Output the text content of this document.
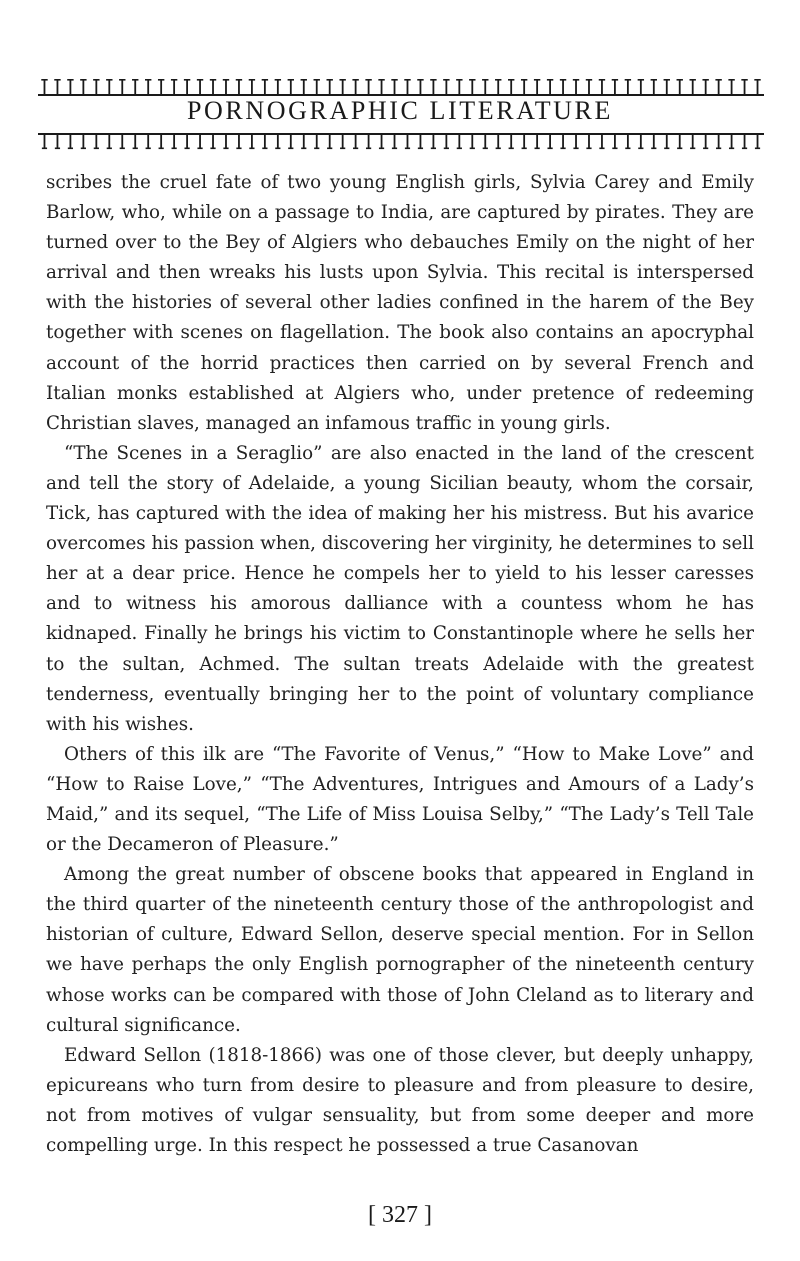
PORNOGRAPHIC LITERATURE

scribes the cruel fate of two young English girls, Sylvia Carey and Emily Barlow, who, while on a passage to India, are captured by pirates. They are turned over to the Bey of Algiers who debauches Emily on the night of her arrival and then wreaks his lusts upon Sylvia. This recital is interspersed with the histories of several other ladies confined in the harem of the Bey together with scenes on flagellation. The book also contains an apocryphal account of the horrid practices then carried on by several French and Italian monks established at Algiers who, under pretence of redeeming Christian slaves, managed an infamous traffic in young girls.

“The Scenes in a Seraglio” are also enacted in the land of the crescent and tell the story of Adelaide, a young Sicilian beauty, whom the corsair, Tick, has captured with the idea of making her his mistress. But his avarice overcomes his passion when, discovering her virginity, he determines to sell her at a dear price. Hence he compels her to yield to his lesser caresses and to witness his amorous dalliance with a countess whom he has kidnaped. Finally he brings his victim to Constantinople where he sells her to the sultan, Achmed. The sultan treats Adelaide with the greatest tenderness, eventually bringing her to the point of voluntary compliance with his wishes.

Others of this ilk are “The Favorite of Venus,” “How to Make Love” and “How to Raise Love,” “The Adventures, Intrigues and Amours of a Lady’s Maid,” and its sequel, “The Life of Miss Louisa Selby,” “The Lady’s Tell Tale or the Decameron of Pleasure.”

Among the great number of obscene books that appeared in England in the third quarter of the nineteenth century those of the anthropologist and historian of culture, Edward Sellon, deserve special mention. For in Sellon we have perhaps the only English pornographer of the nineteenth century whose works can be compared with those of John Cleland as to literary and cultural significance.

Edward Sellon (1818-1866) was one of those clever, but deeply unhappy, epicureans who turn from desire to pleasure and from pleasure to desire, not from motives of vulgar sensuality, but from some deeper and more compelling urge. In this respect he possessed a true Casanovan

[ 327 ]
